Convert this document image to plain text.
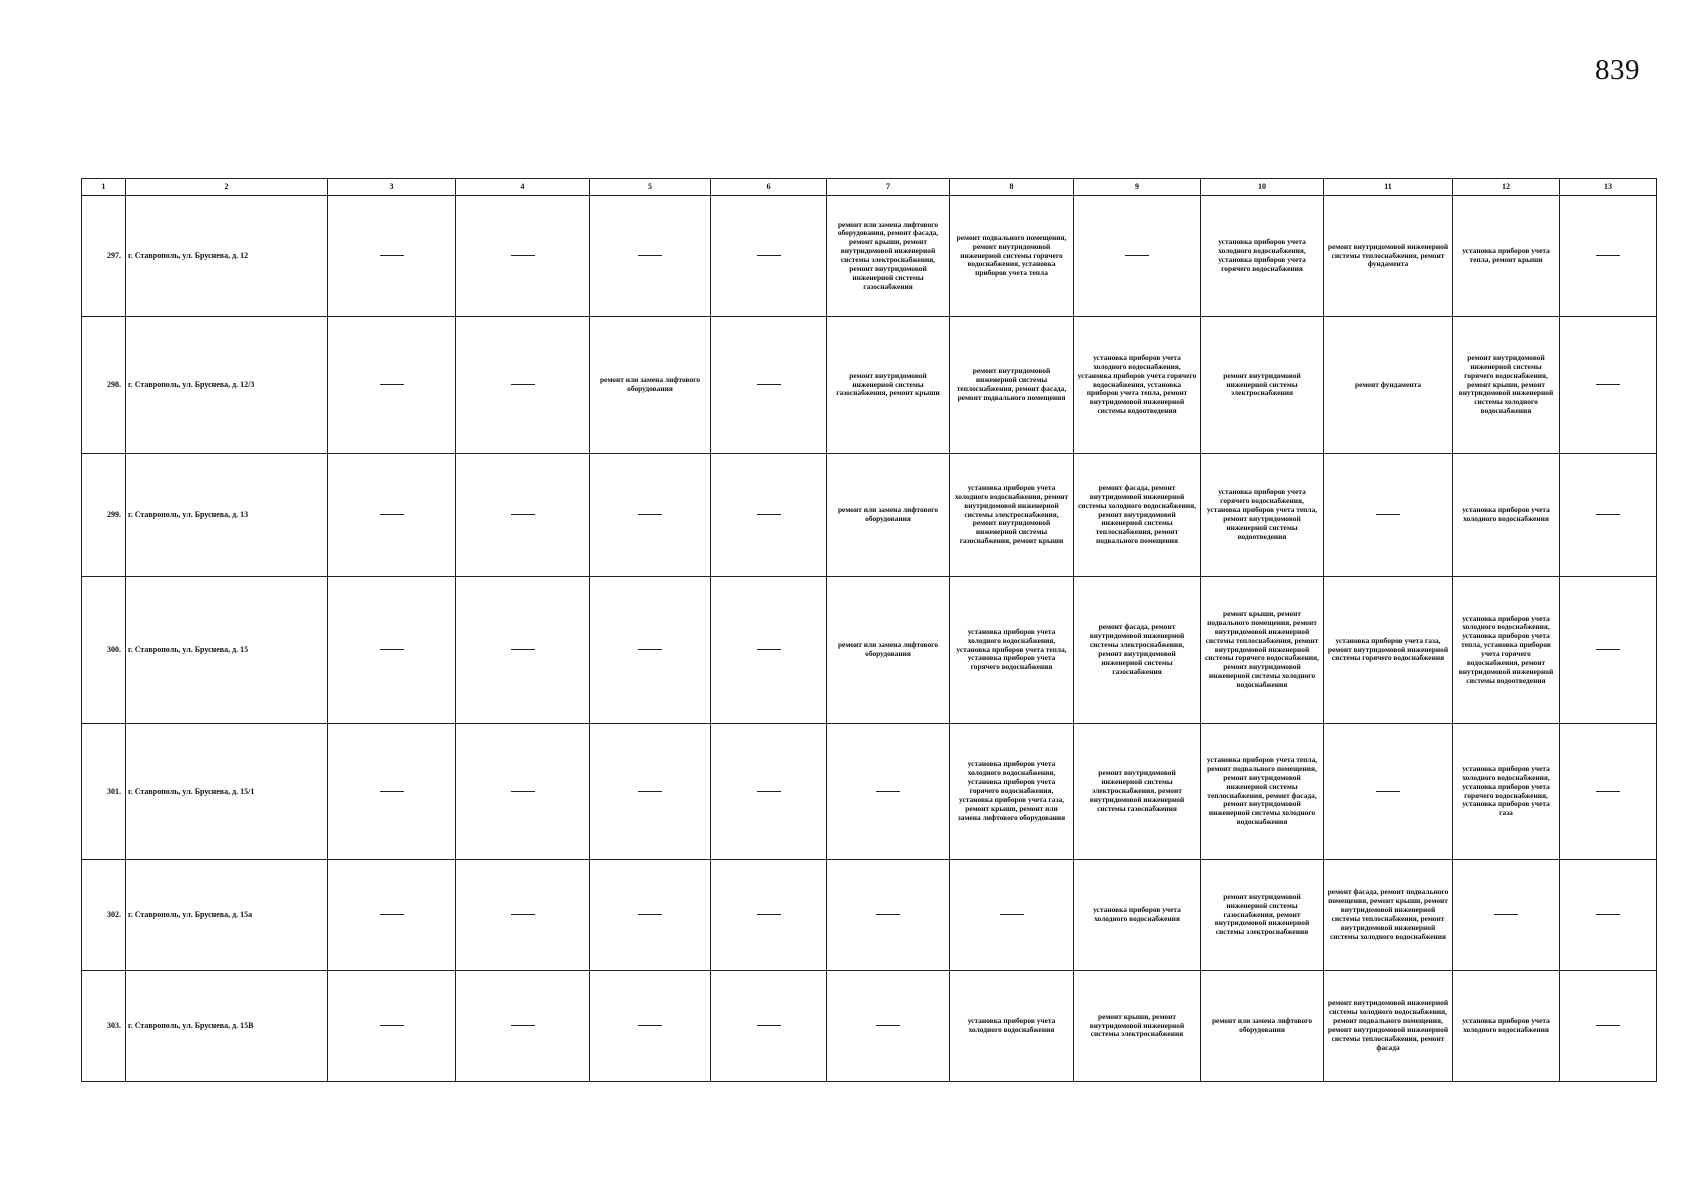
839
1	2	3	4	5	6	7	8	9	10	11	12	13
297.	г. Ставрополь, ул. Бруснева, д. 12					ремонт или замена лифтового оборудования, ремонт фасада, ремонт крыши, ремонт внутридомовой инженерной системы электроснабжения, ремонт внутридомовой инженерной системы газоснабжения	ремонт подвального помещения, ремонт внутридомовой инженерной системы горячего водоснабжения, установка приборов учета тепла		установка приборов учета холодного водоснабжения, установка приборов учета горячего водоснабжения	ремонт внутридомовой инженерной системы теплоснабжения, ремонт фундамента	установка приборов учета тепла, ремонт крыши	
298.	г. Ставрополь, ул. Бруснева, д. 12/3			ремонт или замена лифтового оборудования		ремонт внутридомовой инженерной системы газоснабжения, ремонт крыши	ремонт внутридомовой инженерной системы теплоснабжения, ремонт фасада, ремонт подвального помещения	установка приборов учета холодного водоснабжения, установка приборов учета горячего водоснабжения, установка приборов учета тепла, ремонт внутридомовой инженерной системы водоотведения	ремонт внутридомовой инженерной системы электроснабжения	ремонт фундамента	ремонт внутридомовой инженерной системы горячего водоснабжения, ремонт крыши, ремонт внутридомовой инженерной системы холодного водоснабжения	
299.	г. Ставрополь, ул. Бруснева, д. 13					ремонт или замена лифтового оборудования	установка приборов учета холодного водоснабжения, ремонт внутридомовой инженерной системы электроснабжения, ремонт внутридомовой инженерной системы газоснабжения, ремонт крыши	ремонт фасада, ремонт внутридомовой инженерной системы холодного водоснабжения, ремонт внутридомовой инженерной системы теплоснабжения, ремонт подвального помещения	установка приборов учета горячего водоснабжения, установка приборов учета тепла, ремонт внутридомовой инженерной системы водоотведения		установка приборов учета холодного водоснабжения	
300.	г. Ставрополь, ул. Бруснева, д. 15					ремонт или замена лифтового оборудования	установка приборов учета холодного водоснабжения, установка приборов учета тепла, установка приборов учета горячего водоснабжения	ремонт фасада, ремонт внутридомовой инженерной системы электроснабжения, ремонт внутридомовой инженерной системы газоснабжения	ремонт крыши, ремонт подвального помещения, ремонт внутридомовой инженерной системы теплоснабжения, ремонт внутридомовой инженерной системы горячего водоснабжения, ремонт внутридомовой инженерной системы холодного водоснабжения	установка приборов учета газа, ремонт внутридомовой инженерной системы горячего водоснабжения	установка приборов учета холодного водоснабжения, установка приборов учета тепла, установка приборов учета горячего водоснабжения, ремонт внутридомовой инженерной системы водоотведения	
301.	г. Ставрополь, ул. Бруснева, д. 15/1						установка приборов учета холодного водоснабжения, установка приборов учета горячего водоснабжения, установка приборов учета газа, ремонт крыши, ремонт или замена лифтового оборудования	ремонт внутридомовой инженерной системы электроснабжения, ремонт внутридомовой инженерной системы газоснабжения	установка приборов учета тепла, ремонт подвального помещения, ремонт внутридомовой инженерной системы теплоснабжения, ремонт фасада, ремонт внутридомовой инженерной системы холодного водоснабжения		установка приборов учета холодного водоснабжения, установка приборов учета горячего водоснабжения, установка приборов учета газа	
302.	г. Ставрополь, ул. Бруснева, д. 15а							установка приборов учета холодного водоснабжения	ремонт внутридомовой инженерной системы газоснабжения, ремонт внутридомовой инженерной системы электроснабжения	ремонт фасада, ремонт подвального помещения, ремонт крыши, ремонт внутридомовой инженерной системы теплоснабжения, ремонт внутридомовой инженерной системы холодного водоснабжения		
303.	г. Ставрополь, ул. Бруснева, д. 15В						установка приборов учета холодного водоснабжения	ремонт крыши, ремонт внутридомовой инженерной системы электроснабжения	ремонт или замена лифтового оборудования	ремонт внутридомовой инженерной системы холодного водоснабжения, ремонт подвального помещения, ремонт внутридомовой инженерной системы теплоснабжения, ремонт фасада	установка приборов учета холодного водоснабжения	
